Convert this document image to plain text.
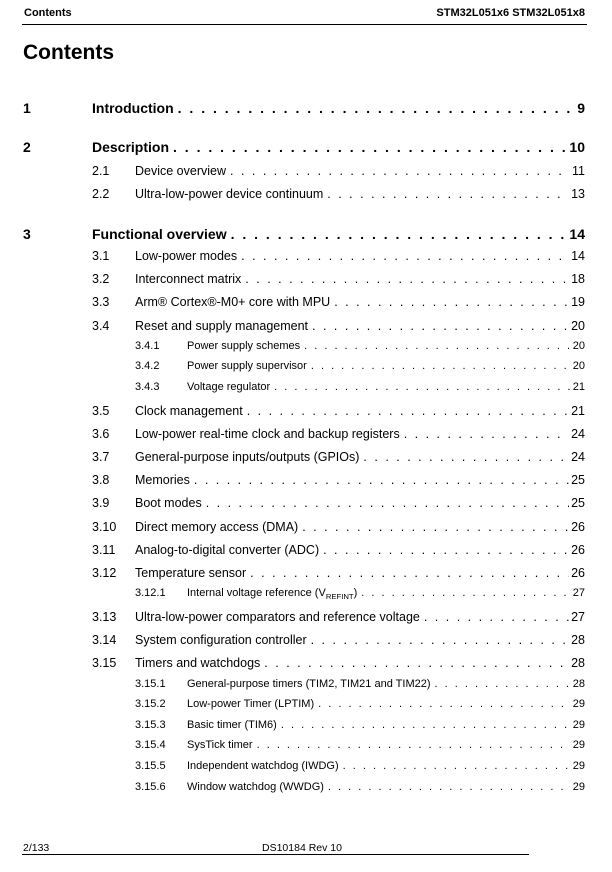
Contents	STM32L051x6 STM32L051x8
Contents
1	Introduction . . .	9
2	Description . . .	10
2.1 Device overview . . .	11
2.2 Ultra-low-power device continuum . . .	13
3	Functional overview . . .	14
3.1 Low-power modes . . .	14
3.2 Interconnect matrix . . .	18
3.3 Arm® Cortex®-M0+ core with MPU . . .	19
3.4 Reset and supply management . . .	20
3.4.1	Power supply schemes . . .	20
3.4.2	Power supply supervisor . . .	20
3.4.3	Voltage regulator . . .	21
3.5 Clock management . . .	21
3.6 Low-power real-time clock and backup registers . . .	24
3.7 General-purpose inputs/outputs (GPIOs) . . .	24
3.8 Memories . . .	25
3.9 Boot modes . . .	25
3.10 Direct memory access (DMA) . . .	26
3.11 Analog-to-digital converter (ADC) . . .	26
3.12 Temperature sensor . . .	26
3.12.1 Internal voltage reference $(V_{REFINT})$ . . .	27
3.13 Ultra-low-power comparators and reference voltage . . .	27
3.14 System configuration controller . . .	28
3.15 Timers and watchdogs . . .	28
3.15.1 General-purpose timers (TIM2, TIM21 and TIM22) . . .	28
3.15.2 Low-power Timer (LPTIM) . . .	29
3.15.3 Basic timer (TIM6) . . .	29
3.15.4 SysTick timer . . .	29
3.15.5 Independent watchdog (IWDG) . . .	29
3.15.6 Window watchdog (WWDG) . . .	29
2/133	DS10184 Rev 10
